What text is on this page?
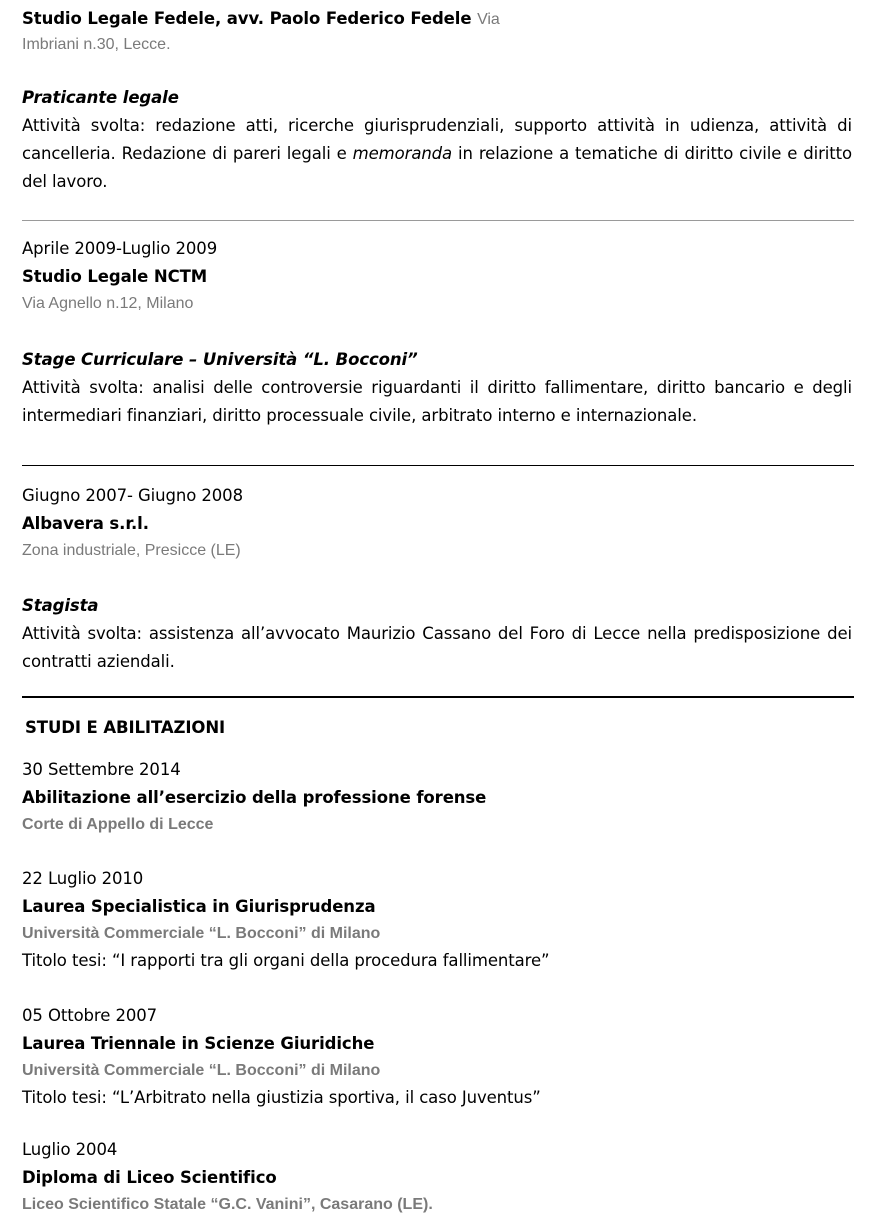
Studio Legale Fedele, avv. Paolo Federico Fedele Via
Imbriani n.30, Lecce.
Praticante legale
Attività svolta: redazione atti, ricerche giurisprudenziali, supporto attività in udienza, attività di cancelleria. Redazione di pareri legali e memoranda in relazione a tematiche di diritto civile e diritto del lavoro.
Aprile 2009-Luglio 2009
Studio Legale NCTM
Via Agnello n.12, Milano
Stage Curriculare – Università “L. Bocconi”
Attività svolta: analisi delle controversie riguardanti il diritto fallimentare, diritto bancario e degli intermediari finanziari, diritto processuale civile, arbitrato interno e internazionale.
Giugno 2007- Giugno 2008
Albavera s.r.l.
Zona industriale, Presicce (LE)
Stagista
Attività svolta: assistenza all’avvocato Maurizio Cassano del Foro di Lecce nella predisposizione dei contratti aziendali.
STUDI E ABILITAZIONI
30 Settembre 2014
Abilitazione all’esercizio della professione forense
Corte di Appello di Lecce
22 Luglio 2010
Laurea Specialistica in Giurisprudenza
Università Commerciale “L. Bocconi” di Milano
Titolo tesi: “I rapporti tra gli organi della procedura fallimentare”
05 Ottobre 2007
Laurea Triennale in Scienze Giuridiche
Università Commerciale “L. Bocconi” di Milano
Titolo tesi: “L’Arbitrato nella giustizia sportiva, il caso Juventus”
Luglio 2004
Diploma di Liceo Scientifico
Liceo Scientifico Statale “G.C. Vanini”, Casarano (LE).
